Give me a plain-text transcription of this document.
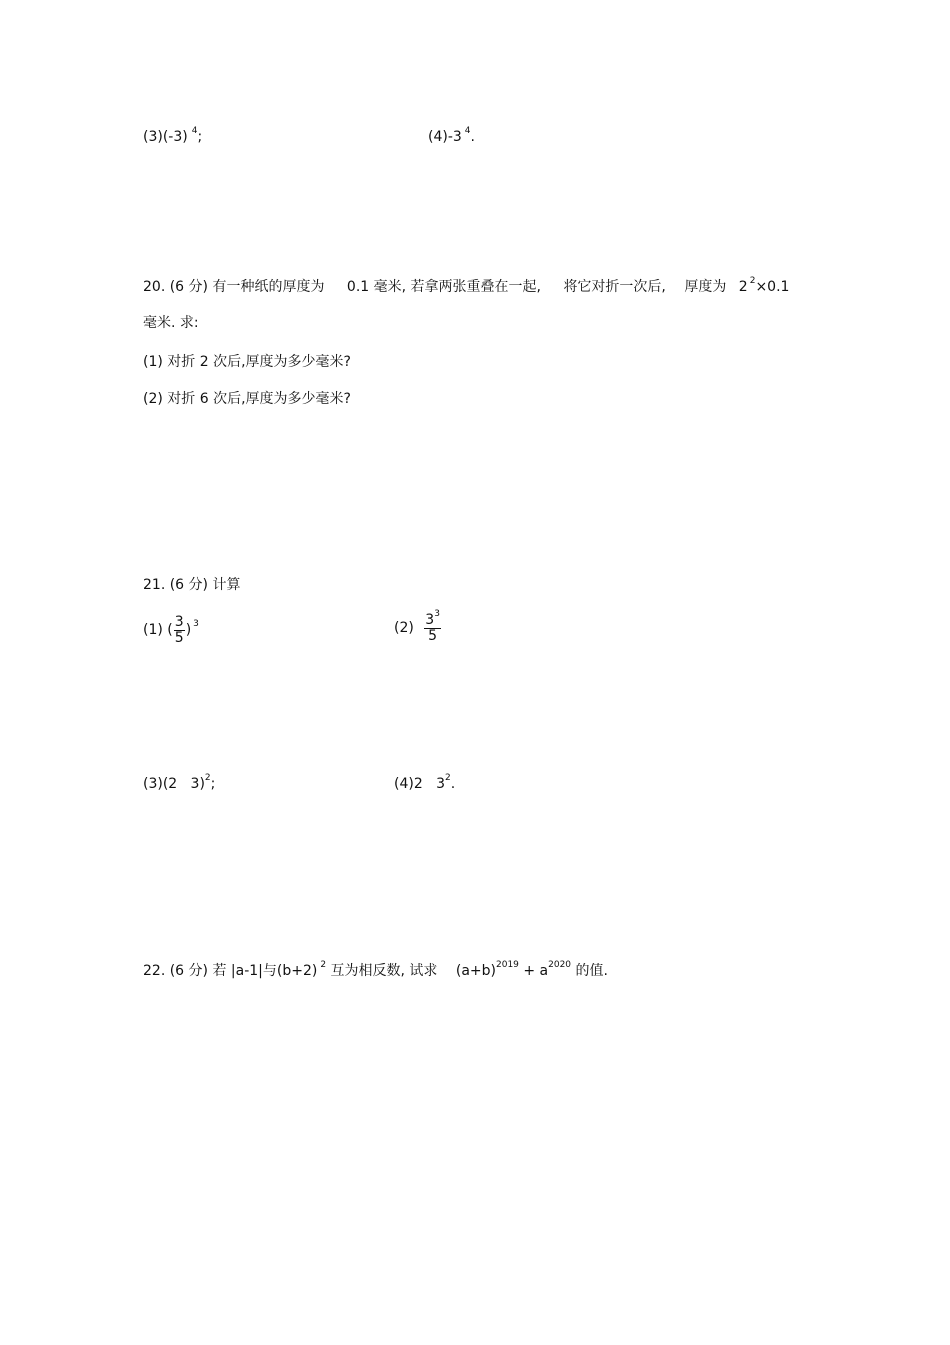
(3)(-3) $^4$;	(4)-3 $^4$.
20. (6 分) 有一种纸的厚度为 0.1 毫米, 若拿两张重叠在一起, 将它对折一次后, 厚度为 2 $^2$×0.1
毫米. 求:
(1) 对折 2 次后,厚度为多少毫米?
(2) 对折 6 次后,厚度为多少毫米?
21. (6 分) 计算
(1) ( $\frac{3}{5}$ ) $^3$	$(2) \frac{3^3}{5}$
(3)(2   3)$^2$;	(4)2   $3^2$.
22. (6 分) 若 |a-1|与(b+2) $^2$ 互为相反数, 试求 $(a+b)^{2019} + a^{2020}$ 的值.
